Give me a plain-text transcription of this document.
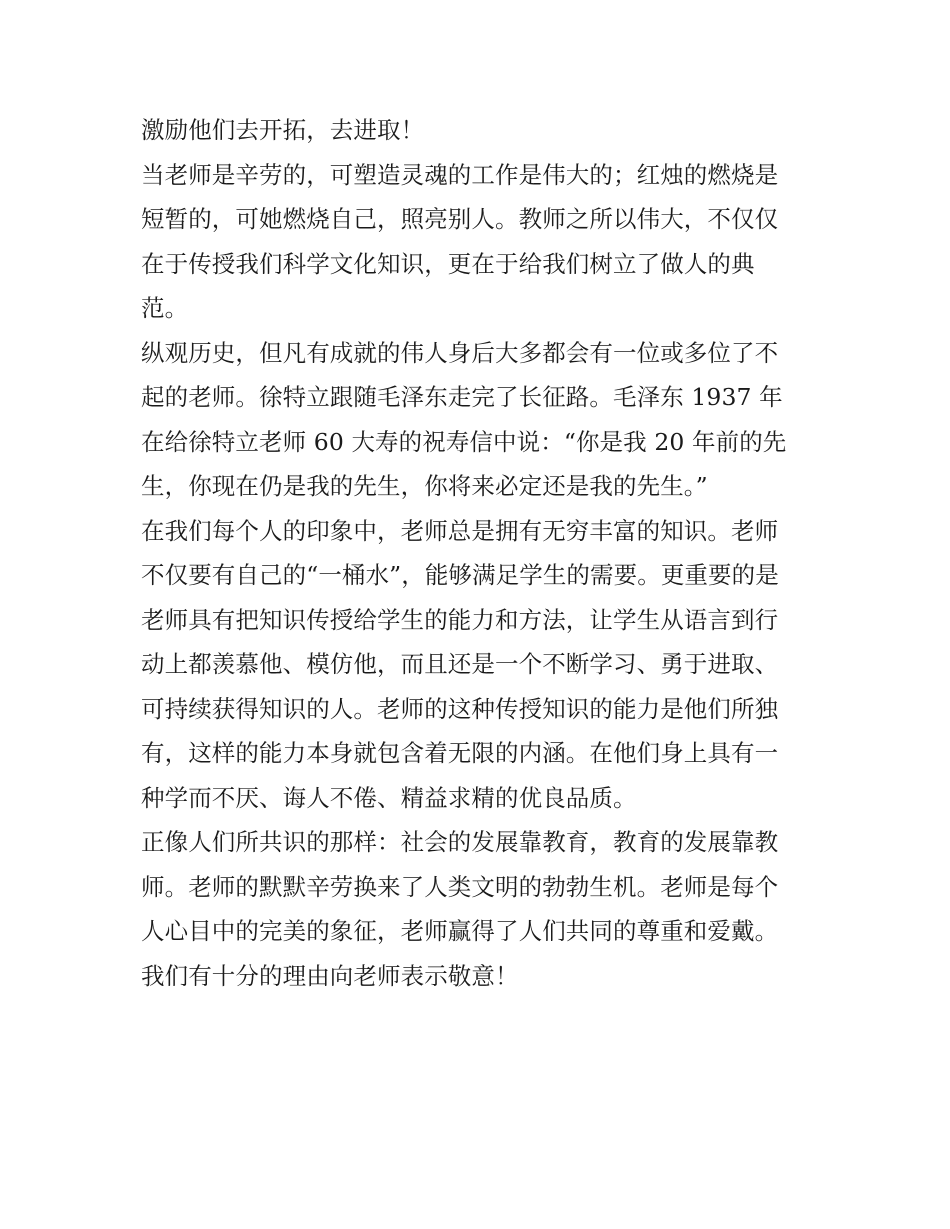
激励他们去开拓，去进取！
当老师是辛劳的，可塑造灵魂的工作是伟大的；红烛的燃烧是
短暂的，可她燃烧自己，照亮别人。教师之所以伟大，不仅仅
在于传授我们科学文化知识，更在于给我们树立了做人的典
范。
纵观历史，但凡有成就的伟人身后大多都会有一位或多位了不
起的老师。徐特立跟随毛泽东走完了长征路。毛泽东 1937 年
在给徐特立老师 60 大寿的祝寿信中说：“你是我 20 年前的先
生，你现在仍是我的先生，你将来必定还是我的先生。”
在我们每个人的印象中，老师总是拥有无穷丰富的知识。老师
不仅要有自己的“一桶水”，能够满足学生的需要。更重要的是
老师具有把知识传授给学生的能力和方法，让学生从语言到行
动上都羡慕他、模仿他，而且还是一个不断学习、勇于进取、
可持续获得知识的人。老师的这种传授知识的能力是他们所独
有，这样的能力本身就包含着无限的内涵。在他们身上具有一
种学而不厌、诲人不倦、精益求精的优良品质。
正像人们所共识的那样：社会的发展靠教育，教育的发展靠教
师。老师的默默辛劳换来了人类文明的勃勃生机。老师是每个
人心目中的完美的象征，老师赢得了人们共同的尊重和爱戴。
我们有十分的理由向老师表示敬意！
